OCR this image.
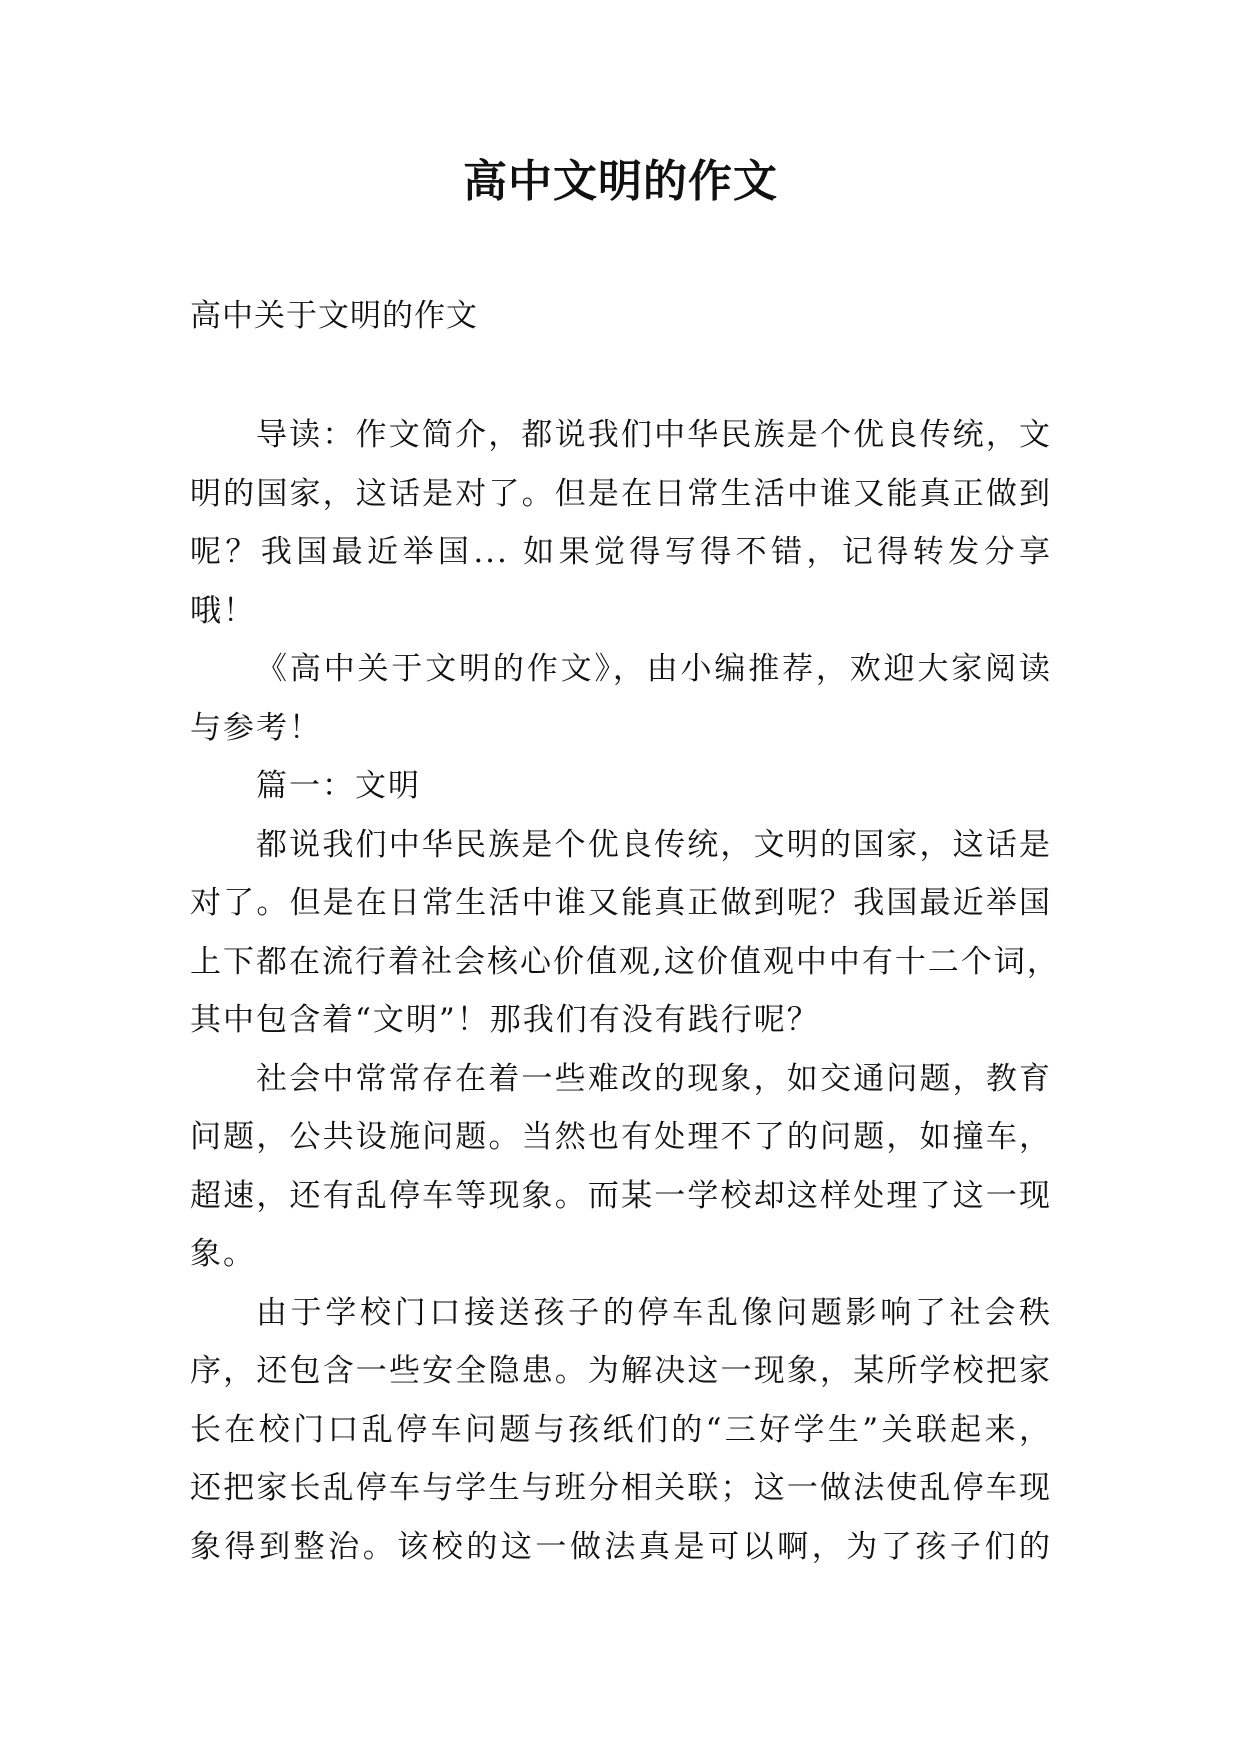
高中文明的作文

高中关于文明的作文

导读：作文简介，都说我们中华民族是个优良传统，文
明的国家，这话是对了。但是在日常生活中谁又能真正做到
呢？我国最近举国... 如果觉得写得不错，记得转发分享
哦！
《高中关于文明的作文》，由小编推荐，欢迎大家阅读
与参考！
篇一：文明
都说我们中华民族是个优良传统，文明的国家，这话是
对了。但是在日常生活中谁又能真正做到呢？我国最近举国
上下都在流行着社会核心价值观,这价值观中中有十二个词，
其中包含着“文明”！那我们有没有践行呢？
社会中常常存在着一些难改的现象，如交通问题，教育
问题，公共设施问题。当然也有处理不了的问题，如撞车，
超速，还有乱停车等现象。而某一学校却这样处理了这一现
象。
由于学校门口接送孩子的停车乱像问题影响了社会秩
序，还包含一些安全隐患。为解决这一现象，某所学校把家
长在校门口乱停车问题与孩纸们的“三好学生”关联起来，
还把家长乱停车与学生与班分相关联；这一做法使乱停车现
象得到整治。该校的这一做法真是可以啊，为了孩子们的
